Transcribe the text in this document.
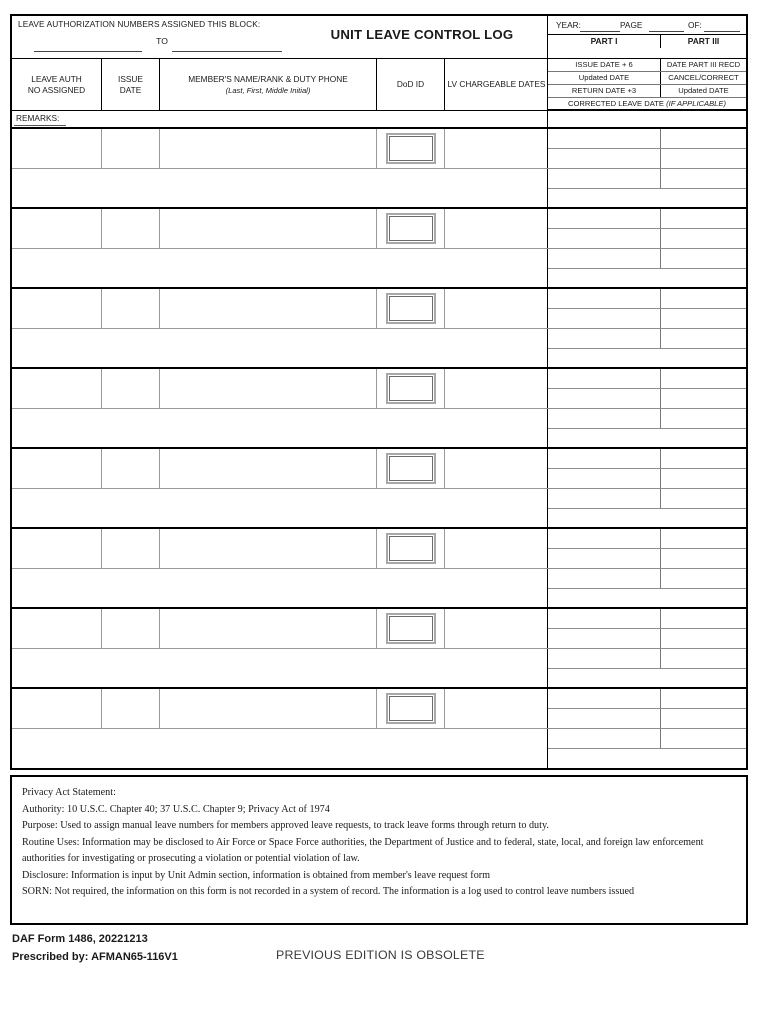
LEAVE AUTHORIZATION NUMBERS ASSIGNED THIS BLOCK:
TO	UNIT LEAVE CONTROL LOG
YEAR:	PAGE	OF:
PART I	PART III
ISSUE DATE + 6	DATE PART III RECD
Updated DATE	CANCEL/CORRECT
RETURN DATE +3	Updated DATE
CORRECTED LEAVE DATE (IF APPLICABLE)
LEAVE AUTH
NO ASSIGNED
ISSUE
DATE
MEMBER'S NAME/RANK & DUTY PHONE
(Last, First, Middle Initial)
DoD ID	LV CHARGEABLE DATES
REMARKS:
Privacy Act Statement:
Authority: 10 U.S.C. Chapter 40; 37 U.S.C. Chapter 9; Privacy Act of 1974
Purpose: Used to assign manual leave numbers for members approved leave requests, to track leave forms through return to duty.
Routine Uses: Information may be disclosed to Air Force or Space Force authorities, the Department of Justice and to federal, state, local, and foreign law enforcement authorities for investigating or prosecuting a violation or potential violation of law.
Disclosure: Information is input by Unit Admin section, information is obtained from member's leave request form
SORN: Not required, the information on this form is not recorded in a system of record. The information is a log used to control leave numbers issued
DAF Form 1486, 20221213
Prescribed by: AFMAN65-116V1	PREVIOUS EDITION IS OBSOLETE
